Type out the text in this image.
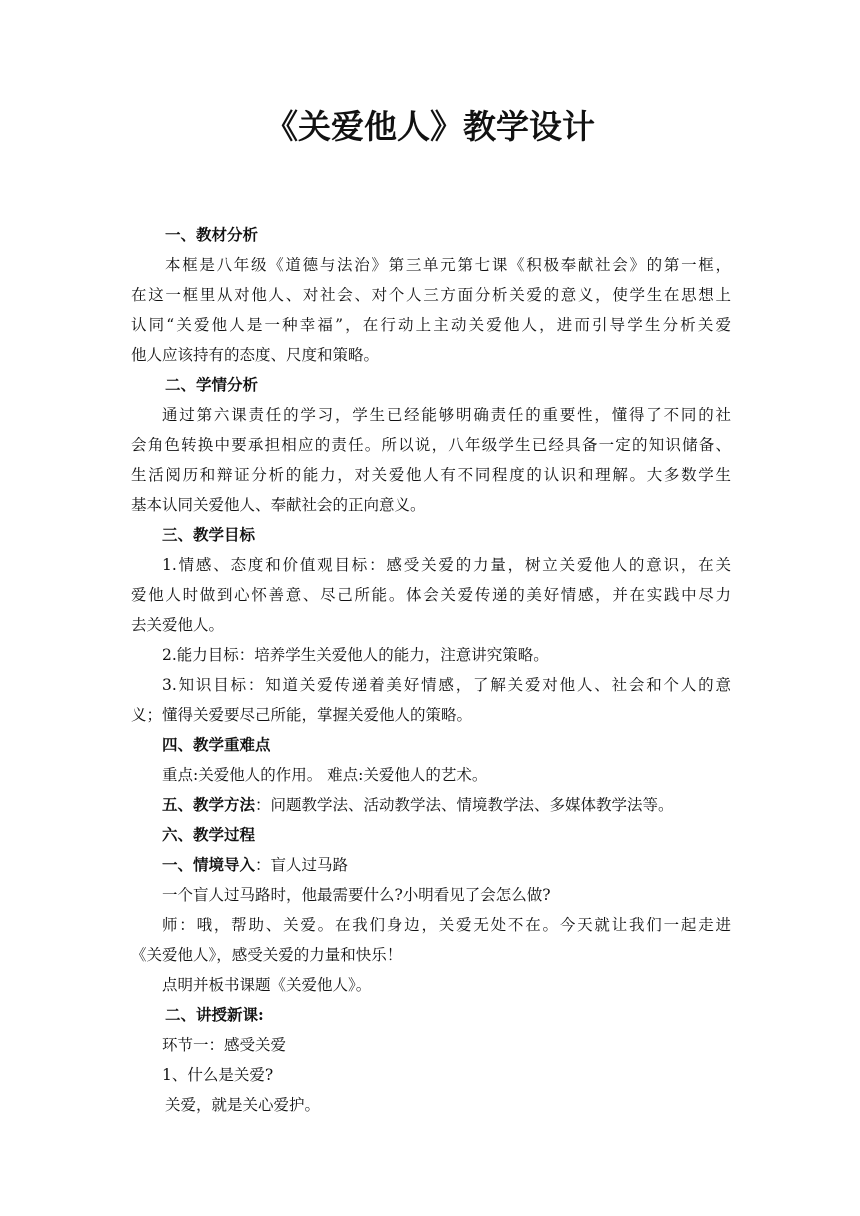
《关爱他人》教学设计
一、教材分析
本框是八年级《道德与法治》第三单元第七课《积极奉献社会》的第一框，
在这一框里从对他人、对社会、对个人三方面分析关爱的意义，使学生在思想上
认同“关爱他人是一种幸福”，在行动上主动关爱他人，进而引导学生分析关爱
他人应该持有的态度、尺度和策略。
二、学情分析
通过第六课责任的学习，学生已经能够明确责任的重要性，懂得了不同的社
会角色转换中要承担相应的责任。所以说，八年级学生已经具备一定的知识储备、
生活阅历和辩证分析的能力，对关爱他人有不同程度的认识和理解。大多数学生
基本认同关爱他人、奉献社会的正向意义。
三、教学目标
1.情感、态度和价值观目标：感受关爱的力量，树立关爱他人的意识，在关
爱他人时做到心怀善意、尽己所能。体会关爱传递的美好情感，并在实践中尽力
去关爱他人。
2.能力目标：培养学生关爱他人的能力，注意讲究策略。
3.知识目标：知道关爱传递着美好情感，了解关爱对他人、社会和个人的意
义；懂得关爱要尽己所能，掌握关爱他人的策略。
四、教学重难点
重点:关爱他人的作用。 难点:关爱他人的艺术。
五、教学方法：问题教学法、活动教学法、情境教学法、多媒体教学法等。
六、教学过程
一、情境导入：盲人过马路
一个盲人过马路时，他最需要什么?小明看见了会怎么做?
师：哦，帮助、关爱。在我们身边，关爱无处不在。今天就让我们一起走进
《关爱他人》，感受关爱的力量和快乐！
点明并板书课题《关爱他人》。
二、讲授新课:
环节一：感受关爱
1、什么是关爱?
关爱，就是关心爱护。
